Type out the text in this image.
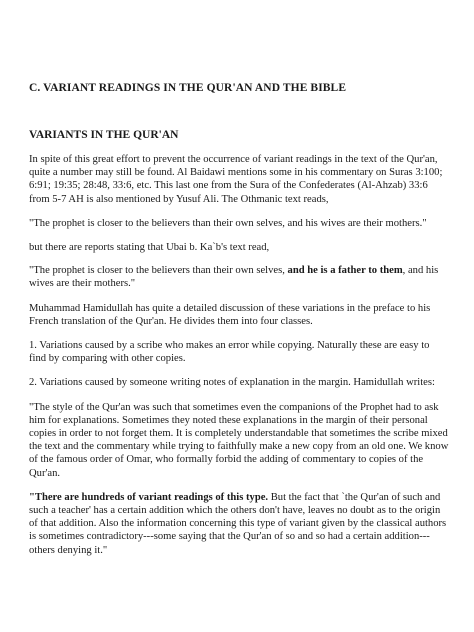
C. VARIANT READINGS IN THE QUR'AN AND THE BIBLE
VARIANTS IN THE QUR'AN

In spite of this great effort to prevent the occurrence of variant readings in the text of the Qur'an, quite a number may still be found. Al Baidawi mentions some in his commentary on Suras 3:100; 6:91; 19:35; 28:48, 33:6, etc. This last one from the Sura of the Confederates (Al-Ahzab) 33:6 from 5-7 AH is also mentioned by Yusuf Ali. The Othmanic text reads,

"The prophet is closer to the believers than their own selves, and his wives are their mothers."

but there are reports stating that Ubai b. Ka`b's text read,

"The prophet is closer to the believers than their own selves, and he is a father to them, and his wives are their mothers."

Muhammad Hamidullah has quite a detailed discussion of these variations in the preface to his French translation of the Qur'an. He divides them into four classes.

1. Variations caused by a scribe who makes an error while copying. Naturally these are easy to find by comparing with other copies.

2. Variations caused by someone writing notes of explanation in the margin. Hamidullah writes:

"The style of the Qur'an was such that sometimes even the companions of the Prophet had to ask him for explanations. Sometimes they noted these explanations in the margin of their personal copies in order to not forget them. It is completely understandable that sometimes the scribe mixed the text and the commentary while trying to faithfully make a new copy from an old one. We know of the famous order of Omar, who formally forbid the adding of commentary to copies of the Qur'an.

"There are hundreds of variant readings of this type. But the fact that `the Qur'an of such and such a teacher' has a certain addition which the others don't have, leaves no doubt as to the origin of that addition. Also the information concerning this type of variant given by the classical authors is sometimes contradictory---some saying that the Qur'an of so and so had a certain addition---others denying it."
